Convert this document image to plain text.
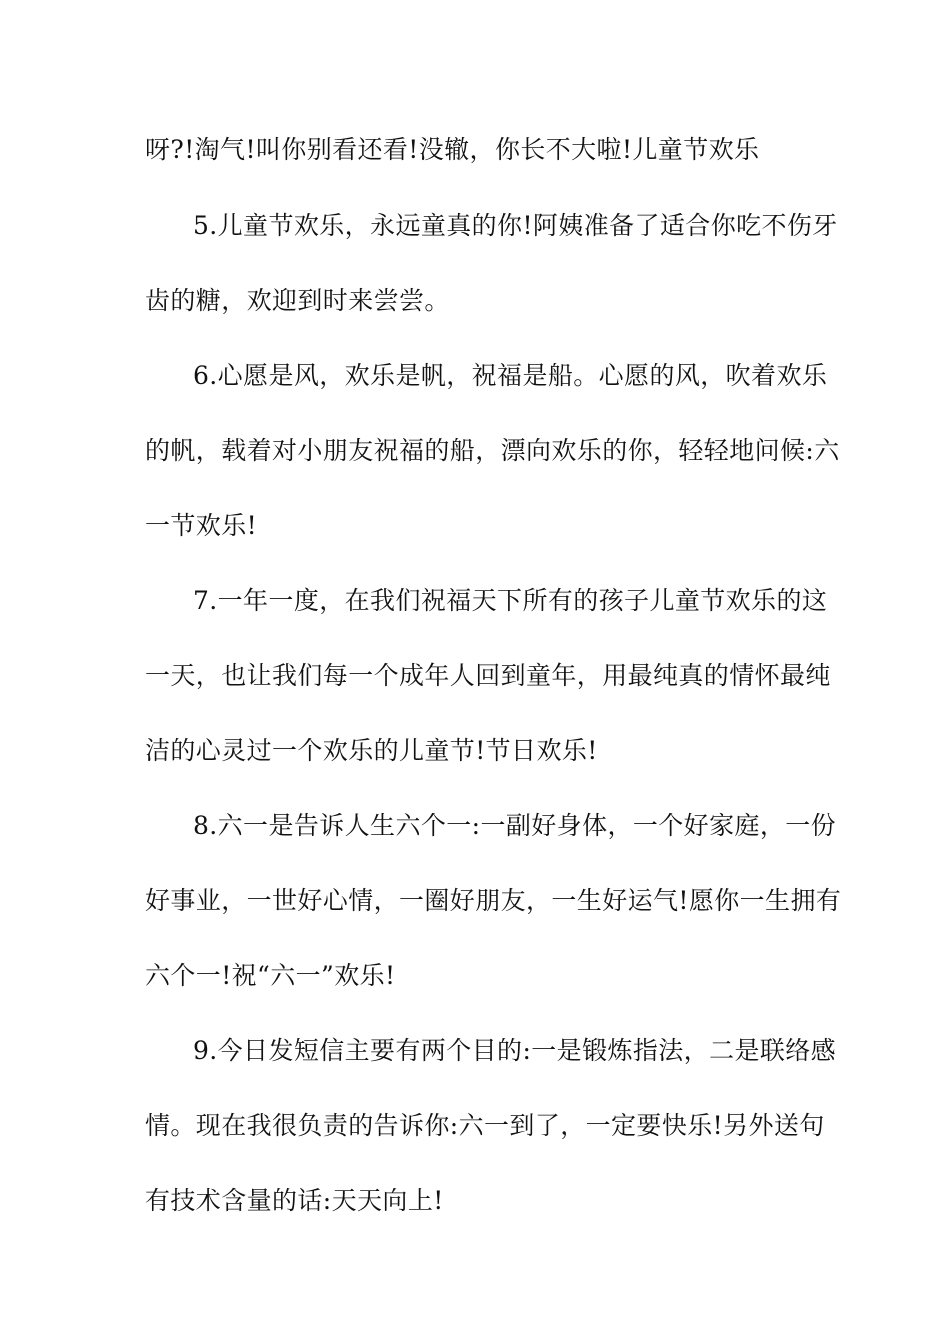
呀?!淘气!叫你别看还看!没辙，你长不大啦!儿童节欢乐
5.儿童节欢乐，永远童真的你!阿姨准备了适合你吃不伤牙
齿的糖，欢迎到时来尝尝。
6.心愿是风，欢乐是帆，祝福是船。心愿的风，吹着欢乐
的帆，载着对小朋友祝福的船，漂向欢乐的你，轻轻地问候:六
一节欢乐!
7.一年一度，在我们祝福天下所有的孩子儿童节欢乐的这
一天，也让我们每一个成年人回到童年，用最纯真的情怀最纯
洁的心灵过一个欢乐的儿童节!节日欢乐!
8.六一是告诉人生六个一:一副好身体，一个好家庭，一份
好事业，一世好心情，一圈好朋友，一生好运气!愿你一生拥有
六个一!祝“六一”欢乐!
9.今日发短信主要有两个目的:一是锻炼指法，二是联络感
情。现在我很负责的告诉你:六一到了，一定要快乐!另外送句
有技术含量的话:天天向上!
